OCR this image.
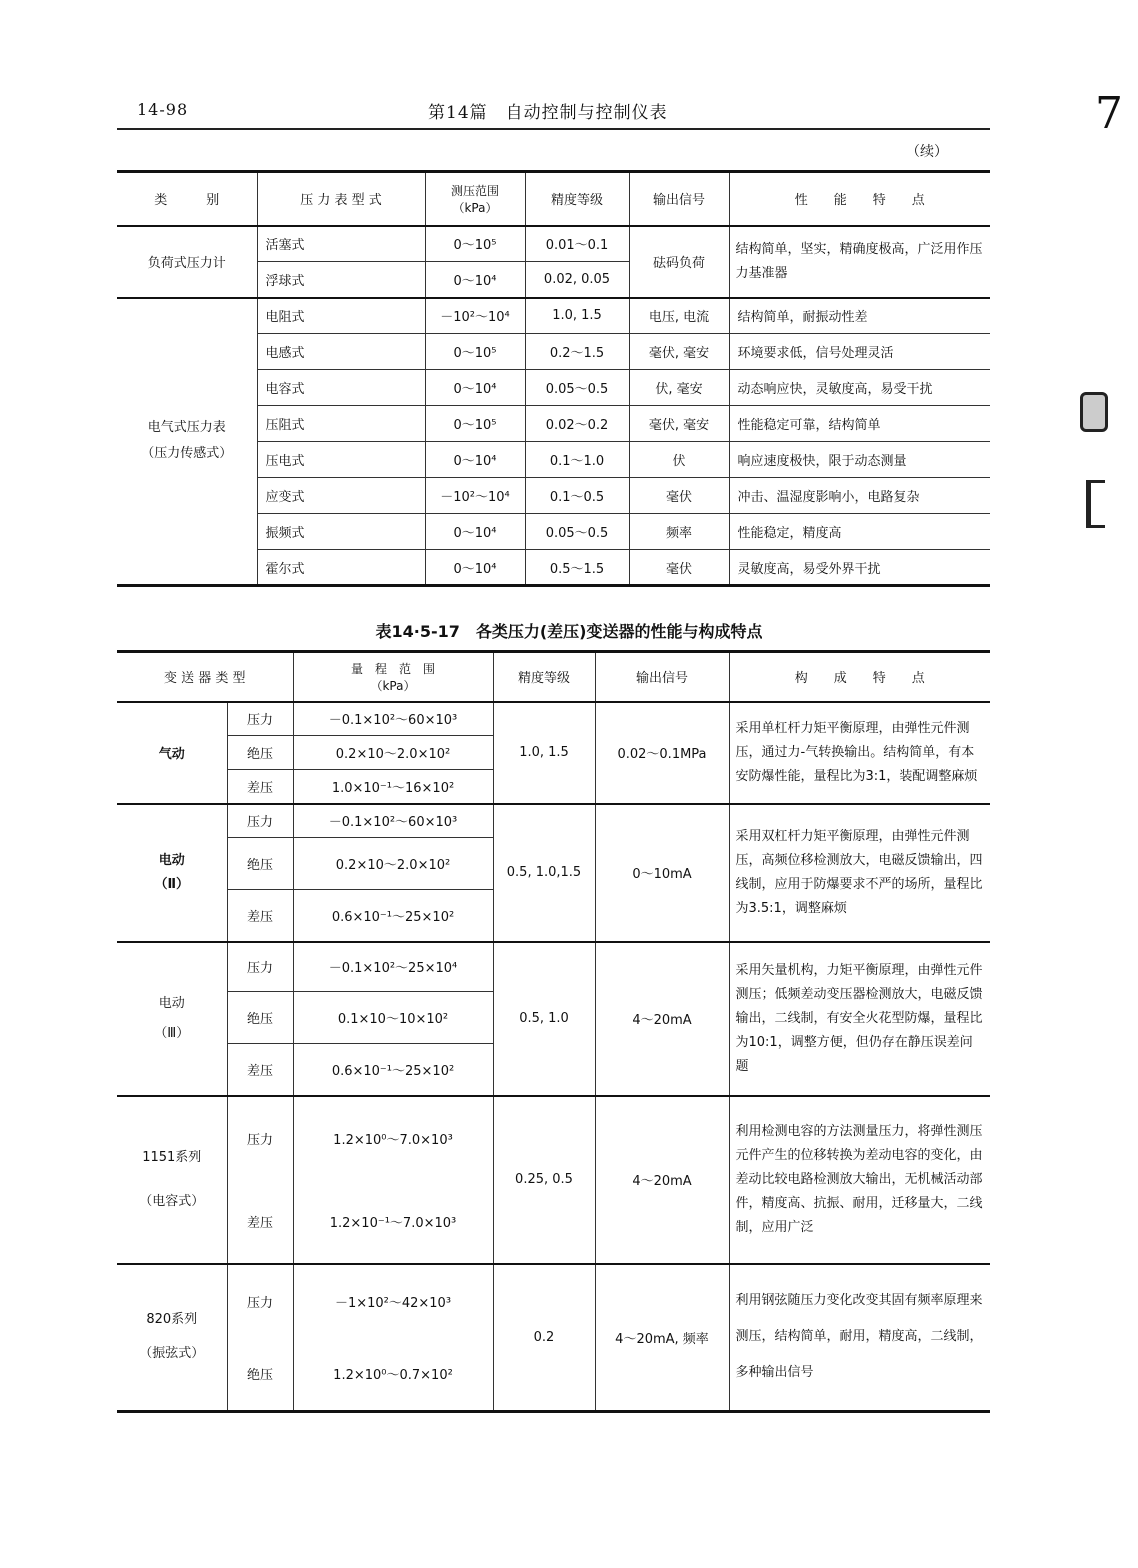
14-98	第14篇　自动控制与控制仪表	7
（续）
类　　　别	压 力 表 型 式	测压范围
（kPa）	精度等级	输出信号	性　　能　　特　　点
负荷式压力计	活塞式	0～10⁵	0.01～0.1	砝码负荷	结构简单，坚实，精确度极高，广泛用作压力基准器
	浮球式	0～10⁴	0.02, 0.05		
电气式压力表
（压力传感式）	电阻式	－10²～10⁴	1.0, 1.5	电压, 电流	结构简单，耐振动性差
	电感式	0～10⁵	0.2～1.5	毫伏, 毫安	环境要求低，信号处理灵活
	电容式	0～10⁴	0.05～0.5	伏, 毫安	动态响应快，灵敏度高，易受干扰
	压阻式	0～10⁵	0.02～0.2	毫伏, 毫安	性能稳定可靠，结构简单
	压电式	0～10⁴	0.1～1.0	伏	响应速度极快，限于动态测量
	应变式	－10²～10⁴	0.1～0.5	毫伏	冲击、温湿度影响小，电路复杂
	振频式	0～10⁴	0.05～0.5	频率	性能稳定，精度高
	霍尔式	0～10⁴	0.5～1.5	毫伏	灵敏度高，易受外界干扰
表14·5-17　各类压力(差压)变送器的性能与构成特点
变 送 器 类 型		量　程　范　围
（kPa）	精度等级	输出信号	构　　成　　特　　点
气动	压力	－0.1×10²～60×10³	1.0, 1.5	0.02～0.1MPa	采用单杠杆力矩平衡原理，由弹性元件测压，通过力-气转换输出。结构简单，有本安防爆性能，量程比为3:1，装配调整麻烦
	绝压	0.2×10～2.0×10²			
	差压	1.0×10⁻¹～16×10²			
电动
（Ⅱ）	压力	－0.1×10²～60×10³	0.5, 1.0,1.5	0～10mA	采用双杠杆力矩平衡原理，由弹性元件测压，高频位移检测放大，电磁反馈输出，四线制，应用于防爆要求不严的场所，量程比为3.5:1，调整麻烦
	绝压	0.2×10～2.0×10²			
	差压	0.6×10⁻¹～25×10²			
电动
（Ⅲ）	压力	－0.1×10²～25×10⁴	0.5, 1.0	4～20mA	采用矢量机构，力矩平衡原理，由弹性元件测压；低频差动变压器检测放大，电磁反馈输出，二线制，有安全火花型防爆，量程比为10:1，调整方便，但仍存在静压误差问题
	绝压	0.1×10～10×10²			
	差压	0.6×10⁻¹～25×10²			
1151系列
（电容式）	压力	1.2×10⁰～7.0×10³	0.25, 0.5	4～20mA	利用检测电容的方法测量压力，将弹性测压元件产生的位移转换为差动电容的变化，由差动比较电路检测放大输出，无机械活动部件，精度高、抗振、耐用，迁移量大，二线制，应用广泛
	差压	1.2×10⁻¹～7.0×10³			
820系列
（振弦式）	压力	－1×10²～42×10³	0.2	4～20mA, 频率	利用钢弦随压力变化改变其固有频率原理来测压，结构简单，耐用，精度高，二线制，多种输出信号
	绝压	1.2×10⁰～0.7×10²			
